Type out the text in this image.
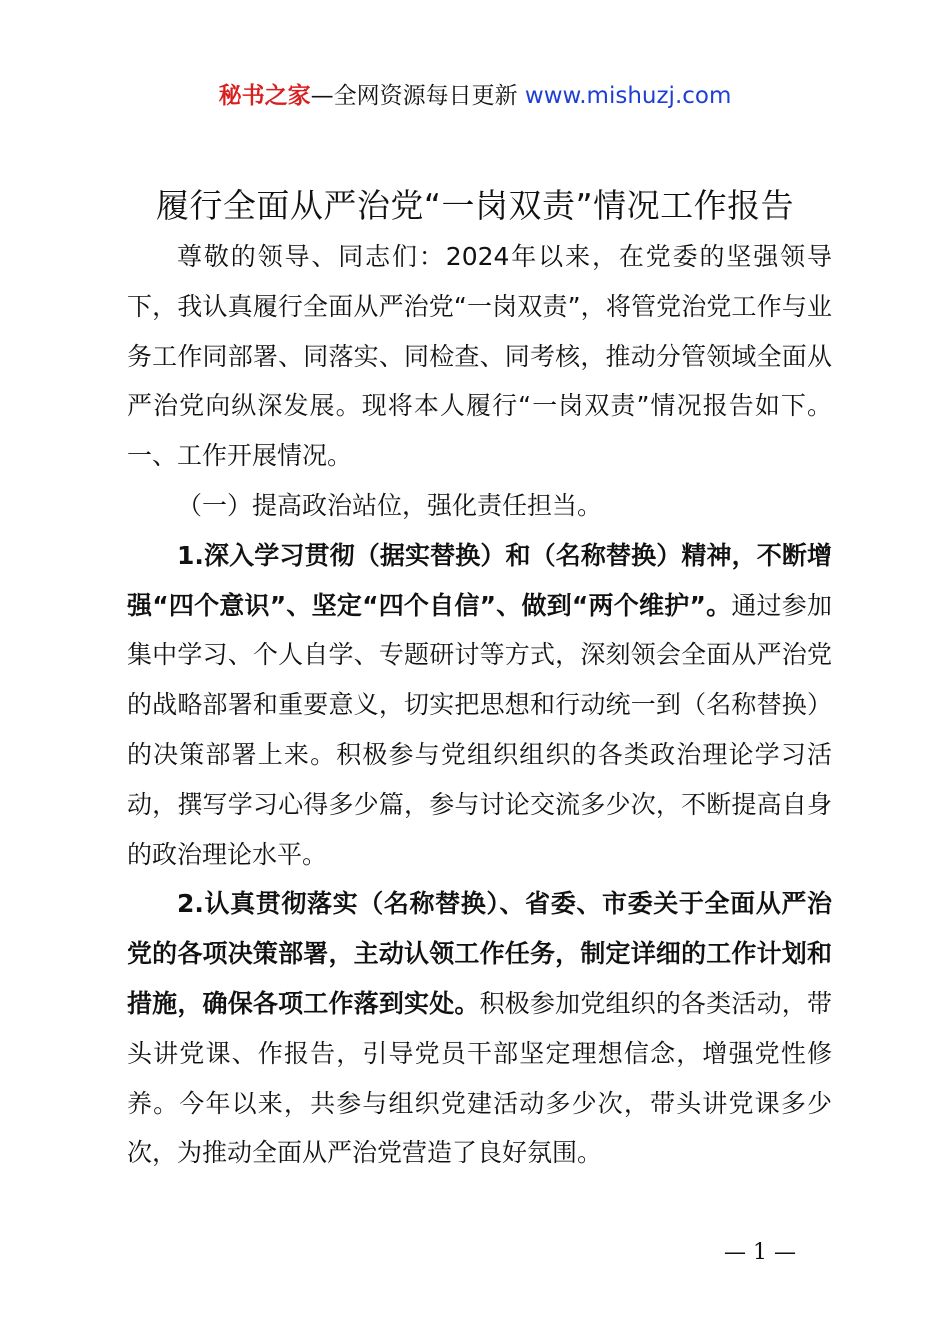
秘书之家—全网资源每日更新 www.mishuzj.com
履行全面从严治党“一岗双责”情况工作报告

尊敬的领导、同志们：2024年以来，在党委的坚强领导下，我认真履行全面从严治党“一岗双责”，将管党治党工作与业务工作同部署、同落实、同检查、同考核，推动分管领域全面从严治党向纵深发展。现将本人履行“一岗双责”情况报告如下。一、工作开展情况。

（一）提高政治站位，强化责任担当。

1.深入学习贯彻（据实替换）和（名称替换）精神，不断增强“四个意识”、坚定“四个自信”、做到“两个维护”。通过参加集中学习、个人自学、专题研讨等方式，深刻领会全面从严治党的战略部署和重要意义，切实把思想和行动统一到（名称替换）的决策部署上来。积极参与党组织组织的各类政治理论学习活动，撰写学习心得多少篇，参与讨论交流多少次，不断提高自身的政治理论水平。

2.认真贯彻落实（名称替换）、省委、市委关于全面从严治党的各项决策部署，主动认领工作任务，制定详细的工作计划和措施，确保各项工作落到实处。积极参加党组织的各类活动，带头讲党课、作报告，引导党员干部坚定理想信念，增强党性修养。今年以来，共参与组织党建活动多少次，带头讲党课多少次，为推动全面从严治党营造了良好氛围。

— 1 —
